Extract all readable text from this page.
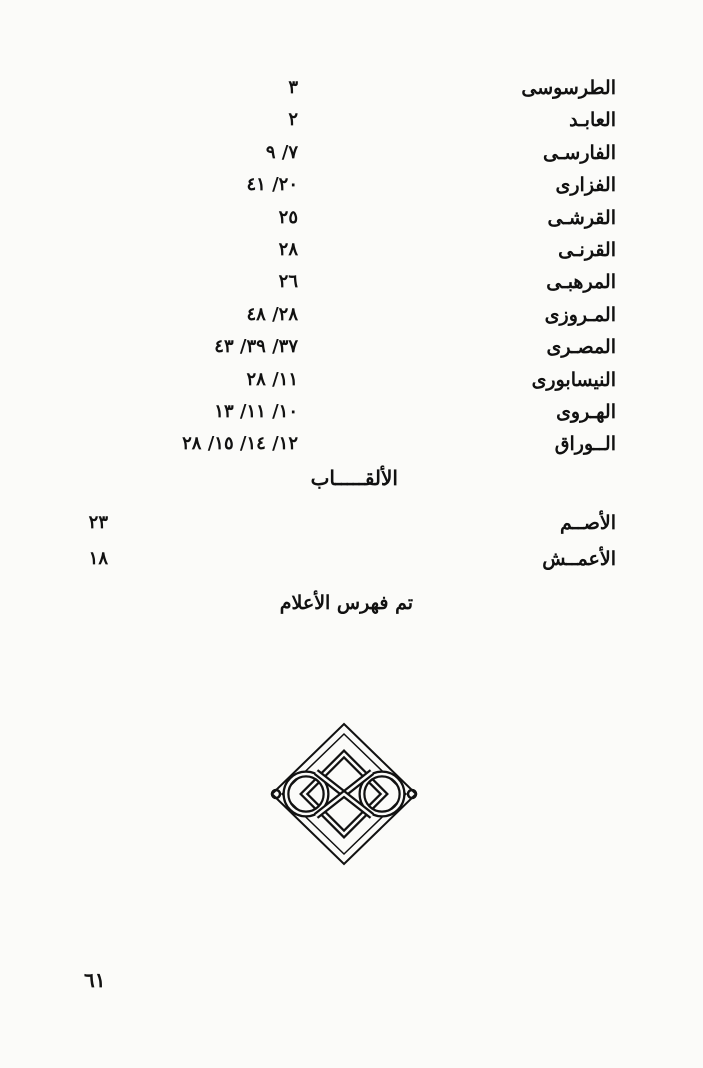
الطرسوسى
٣
العابـد
٢
الفارسـى
٧/ ٩
الفزارى
٢٠/ ٤١
القرشـى
٢٥
القرنـى
٢٨
المرهبـى
٢٦
المـروزى
٢٨/ ٤٨
المصـرى
٣٧/ ٣٩/ ٤٣
النيسابورى
١١/ ٢٨
الهـروى
١٠/ ١١/ ١٣
الــوراق
١٢/ ١٤/ ١٥/ ٢٨
الألقـــــاب
الأصــم
٢٣
الأعمــش
١٨
تم فهرس الأعلام
٦١
